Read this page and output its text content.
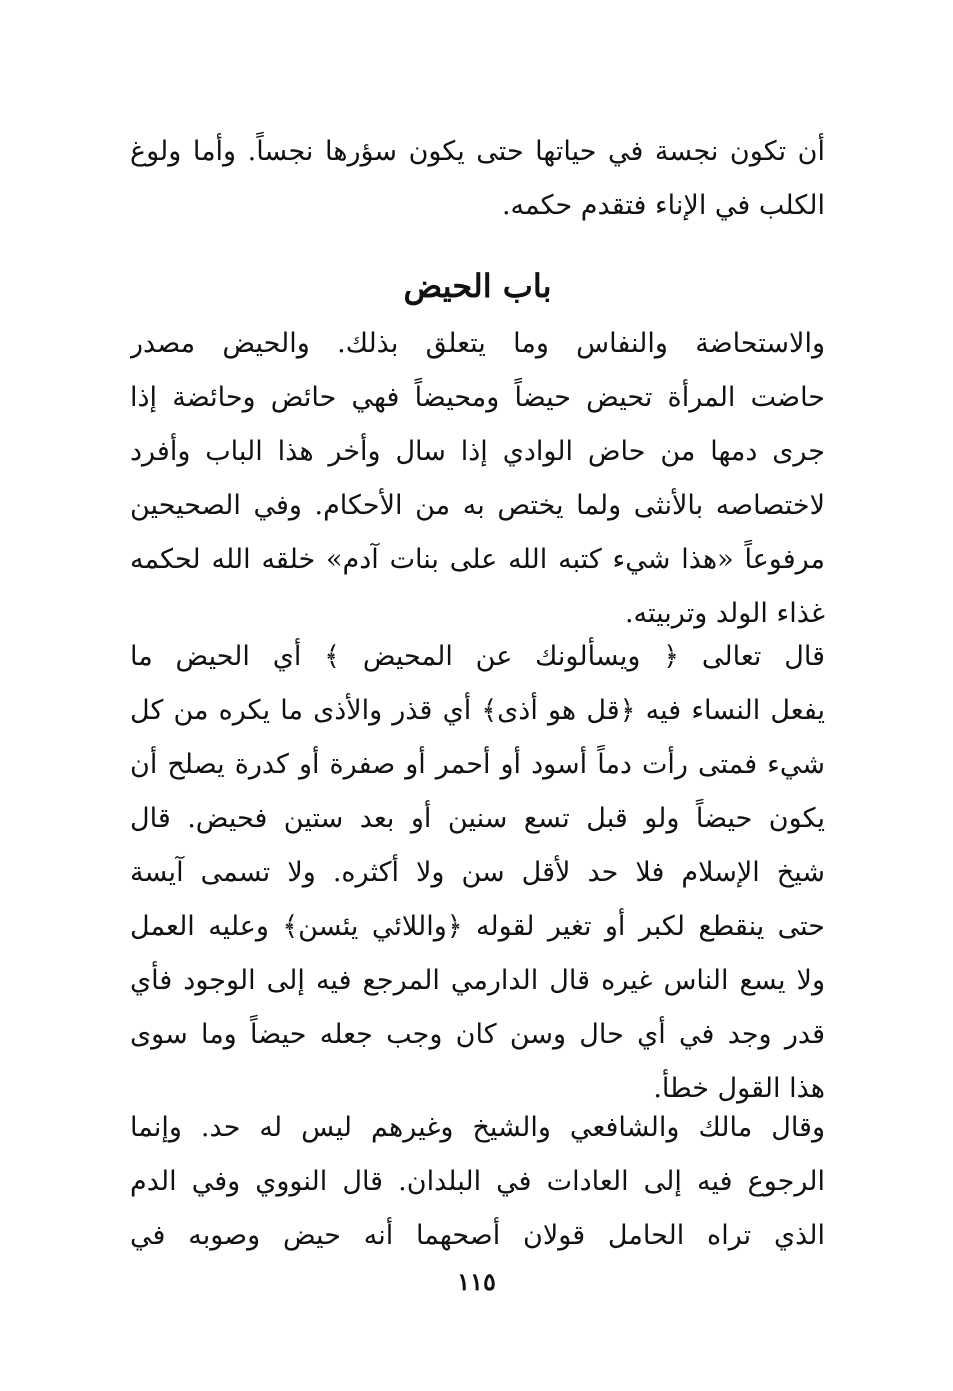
أن تكون نجسة في حياتها حتى يكون سؤرها نجساً. وأما ولوغ
الكلب في الإناء فتقدم حكمه.
باب الحيض
والاستحاضة والنفاس وما يتعلق بذلك. والحيض مصدر
حاضت المرأة تحيض حيضاً ومحيضاً فهي حائض وحائضة إذا
جرى دمها من حاض الوادي إذا سال وأخر هذا الباب وأفرد
لاختصاصه بالأنثى ولما يختص به من الأحكام. وفي الصحيحين
مرفوعاً «هذا شيء كتبه الله على بنات آدم» خلقه الله لحكمه
غذاء الولد وتربيته.
قال تعالى ﴿ ويسألونك عن المحيض ﴾ أي الحيض ما
يفعل النساء فيه ﴿قل هو أذى﴾ أي قذر والأذى ما يكره من كل
شيء فمتى رأت دماً أسود أو أحمر أو صفرة أو كدرة يصلح أن
يكون حيضاً ولو قبل تسع سنين أو بعد ستين فحيض. قال
شيخ الإسلام فلا حد لأقل سن ولا أكثره. ولا تسمى آيسة
حتى ينقطع لكبر أو تغير لقوله ﴿واللائي يئسن﴾ وعليه العمل
ولا يسع الناس غيره قال الدارمي المرجع فيه إلى الوجود فأي
قدر وجد في أي حال وسن كان وجب جعله حيضاً وما سوى
هذا القول خطأ.
وقال مالك والشافعي والشيخ وغيرهم ليس له حد. وإنما
الرجوع فيه إلى العادات في البلدان. قال النووي وفي الدم
الذي تراه الحامل قولان أصحهما أنه حيض وصوبه في
١١٥
